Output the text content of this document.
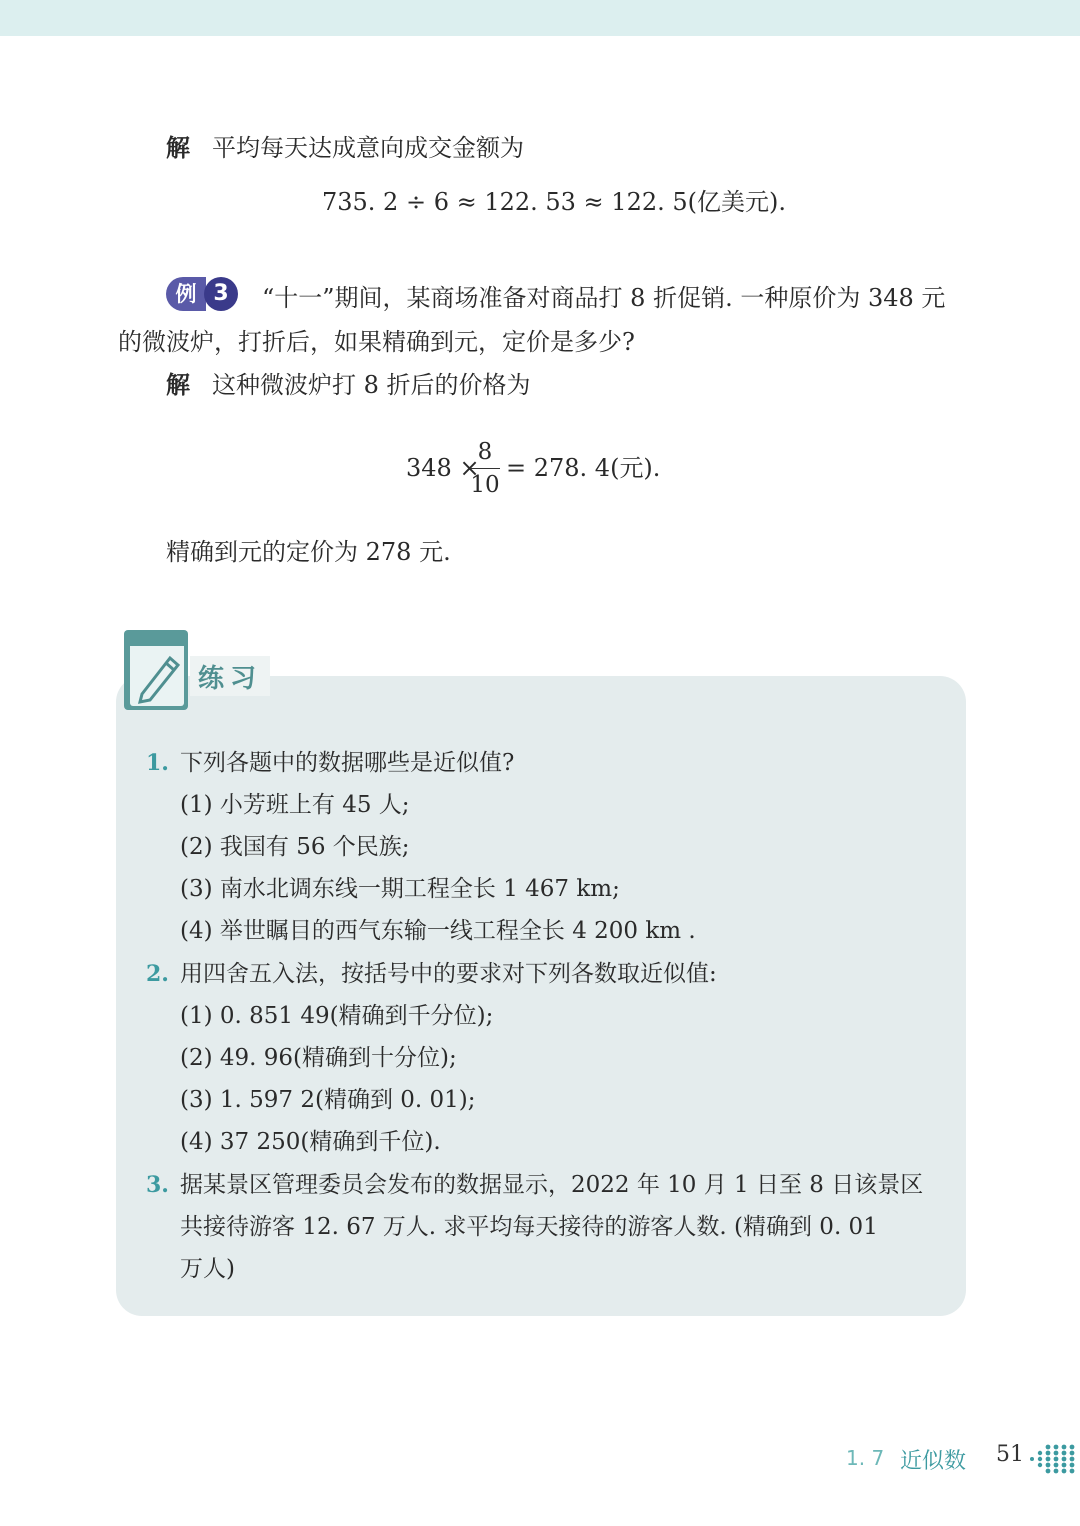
解 平均每天达成意向成交金额为
735. 2 ÷ 6 ≈ 122. 53 ≈ 122. 5(亿美元).
例 3	“十一”期间，某商场准备对商品打 8 折促销. 一种原价为 348 元
的微波炉，打折后，如果精确到元，定价是多少?
解 这种微波炉打 8 折后的价格为
348 ×
8
10
= 278. 4(元).
精确到元的定价为 278 元.
练习
1. 下列各题中的数据哪些是近似值?
(1) 小芳班上有 45 人;
(2) 我国有 56 个民族;
(3) 南水北调东线一期工程全长 1 467 km;
(4) 举世瞩目的西气东输一线工程全长 4 200 km .
2. 用四舍五入法，按括号中的要求对下列各数取近似值:
(1) 0. 851 49(精确到千分位);
(2) 49. 96(精确到十分位);
(3) 1. 597 2(精确到 0. 01);
(4) 37 250(精确到千位).
3. 据某景区管理委员会发布的数据显示，2022 年 10 月 1 日至 8 日该景区
共接待游客 12. 67 万人. 求平均每天接待的游客人数. (精确到 0. 01
万人)
1. 7 近似数 51
